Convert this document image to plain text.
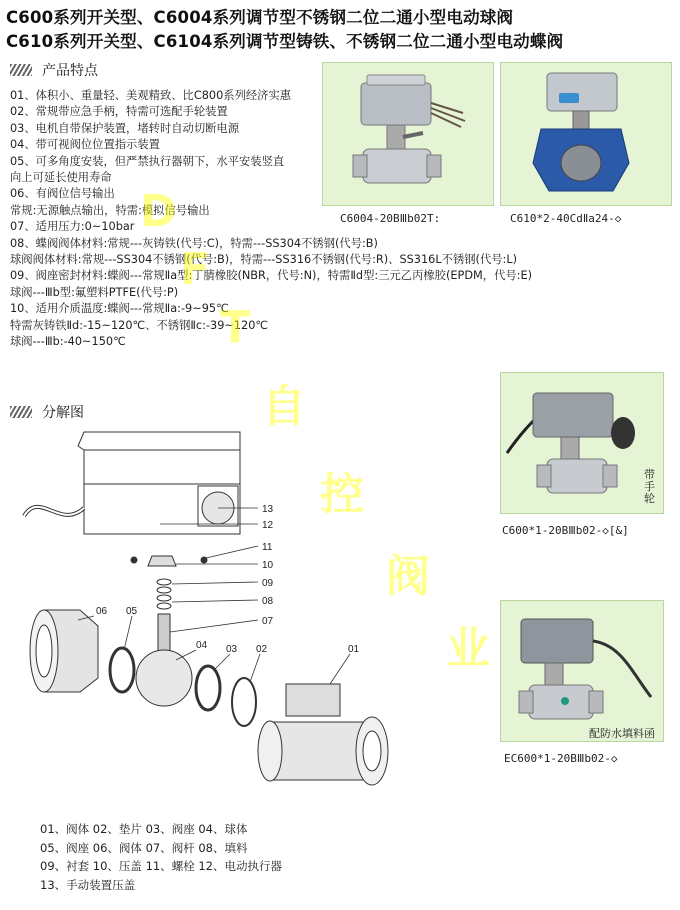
C600系列开关型、C6004系列调节型不锈钢二位二通小型电动球阀
C610系列开关型、C6104系列调节型铸铁、不锈钢二位二通小型电动蝶阀
产品特点
01、体积小、重量轻、美观精致、比C800系列经济实惠
02、常规带应急手柄，特需可选配手轮装置
03、电机自带保护装置，堵转时自动切断电源
04、带可视阀位位置指示装置
05、可多角度安装，但严禁执行器朝下，水平安装竖直
向上可延长使用寿命
06、有阀位信号输出
常规:无源触点输出，特需:模拟信号输出
07、适用压力:0~10bar
08、蝶阀阀体材料:常规---灰铸铁(代号:C)，特需---SS304不锈钢(代号:B)
球阀阀体材料:常规---SS304不锈钢(代号:B)，特需---SS316不锈钢(代号:R)、SS316L不锈钢(代号:L)
09、阀座密封材料:蝶阀---常规Ⅱa型:丁腈橡胶(NBR，代号:N)，特需Ⅱd型:三元乙丙橡胶(EPDM，代号:E)
球阀---Ⅲb型:氟塑料PTFE(代号:P)
10、适用介质温度:蝶阀---常规Ⅱa:-9~95℃
特需灰铸铁Ⅱd:-15~120℃、不锈钢Ⅱc:-39~120℃
球阀---Ⅲb:-40~150℃
分解图
C6004-20BⅢb02T:	C610*2-40CdⅡa24-◇
带
手
轮
C600*1-20BⅢb02-◇[&]
配防水填料函
EC600*1-20BⅢb02-◇
13
12
11
10
09
08
07
06 05
04 03 02	01
01、阀体 02、垫片 03、阀座 04、球体
05、阀座 06、阀体 07、阀杆 08、填料
09、衬套 10、压盖 11、螺栓 12、电动执行器
13、手动装置压盖
D
F
T
自
控
阀
业
